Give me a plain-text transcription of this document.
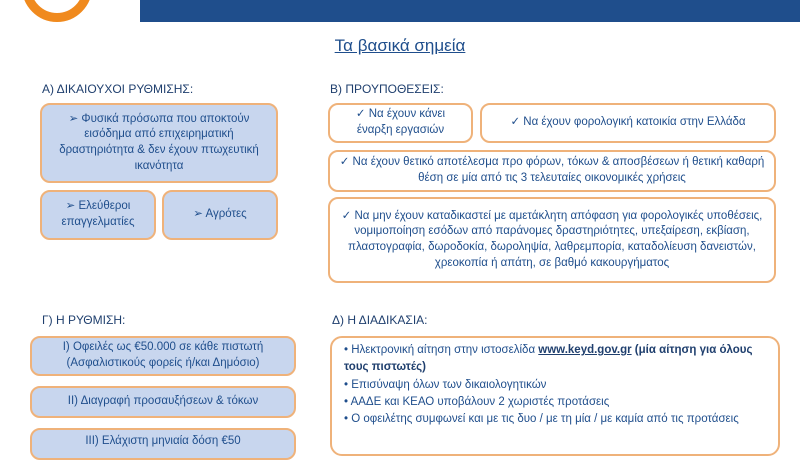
Τα βασικά σημεία
Α) ΔΙΚΑΙΟΥΧΟΙ ΡΥΘΜΙΣΗΣ:
➢ Φυσικά πρόσωπα που αποκτούν εισόδημα από επιχειρηματική δραστηριότητα & δεν έχουν πτωχευτική ικανότητα
➢ Ελεύθεροι επαγγελματίες
➢ Αγρότες
Β) ΠΡΟΥΠΟΘΕΣΕΙΣ:
✓ Να έχουν κάνει έναρξη εργασιών
✓ Να έχουν φορολογική κατοικία στην Ελλάδα
✓ Να έχουν θετικό αποτέλεσμα προ φόρων, τόκων & αποσβέσεων ή θετική καθαρή θέση σε μία από τις 3 τελευταίες οικονομικές χρήσεις
✓ Να μην έχουν καταδικαστεί με αμετάκλητη απόφαση για φορολογικές υποθέσεις, νομιμοποίηση εσόδων από παράνομες δραστηριότητες, υπεξαίρεση, εκβίαση, πλαστογραφία, δωροδοκία, δωροληψία, λαθρεμπορία, καταδολίευση δανειστών, χρεοκοπία ή απάτη, σε βαθμό κακουργήματος
Γ) Η ΡΥΘΜΙΣΗ:
Ι) Οφειλές ως €50.000 σε κάθε πιστωτή (Ασφαλιστικούς φορείς ή/και Δημόσιο)
ΙΙ) Διαγραφή προσαυξήσεων & τόκων
ΙΙΙ) Ελάχιστη μηνιαία δόση €50
Δ) Η ΔΙΑΔΙΚΑΣΙΑ:
• Ηλεκτρονική αίτηση στην ιστοσελίδα www.keyd.gov.gr (μία αίτηση για όλους τους πιστωτές)
• Επισύναψη όλων των δικαιολογητικών
• ΑΑΔΕ και ΚΕΑΟ υποβάλουν 2 χωριστές προτάσεις
• Ο οφειλέτης συμφωνεί και με τις δυο / με τη μία / με καμία από τις προτάσεις
